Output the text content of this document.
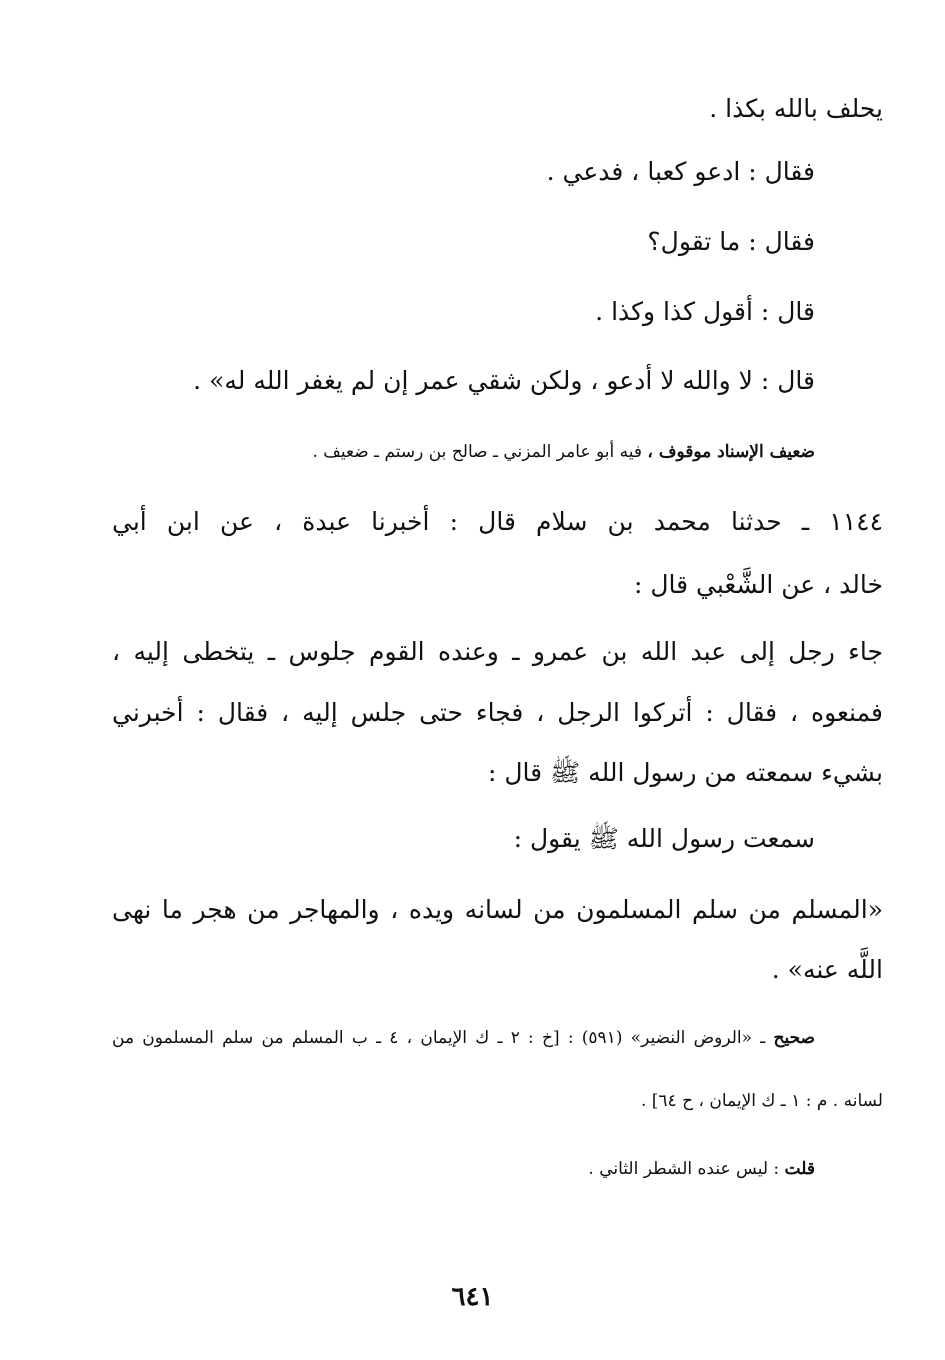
يحلف بالله بكذا .
فقال : ادعو كعبا ، فدعي .
فقال : ما تقول؟
قال : أقول كذا وكذا .
قال : لا والله لا أدعو ، ولكن شقي عمر إن لم يغفر الله له» .
ضعيف الإسناد موقوف ، فيه أبو عامر المزني ـ صالح بن رستم ـ ضعيف .
١١٤٤ ـ حدثنا محمد بن سلام قال : أخبرنا عبدة ، عن ابن أبي
خالد ، عن الشَّعْبي قال :
جاء رجل إلى عبد الله بن عمرو ـ وعنده القوم جلوس ـ يتخطى إليه ،
فمنعوه ، فقال : أتركوا الرجل ، فجاء حتى جلس إليه ، فقال : أخبرني
بشيء سمعته من رسول الله ﷺ قال :
سمعت رسول الله ﷺ يقول :
«المسلم من سلم المسلمون من لسانه ويده ، والمهاجر من هجر ما نهى
اللَّه عنه» .
صحيح ـ «الروض النضير» (٥٩١) : [خ : ٢ ـ ك الإيمان ، ٤ ـ ب المسلم من سلم المسلمون من
لسانه . م : ١ ـ ك الإيمان ، ح ٦٤] .
قلت : ليس عنده الشطر الثاني .
٦٤١
